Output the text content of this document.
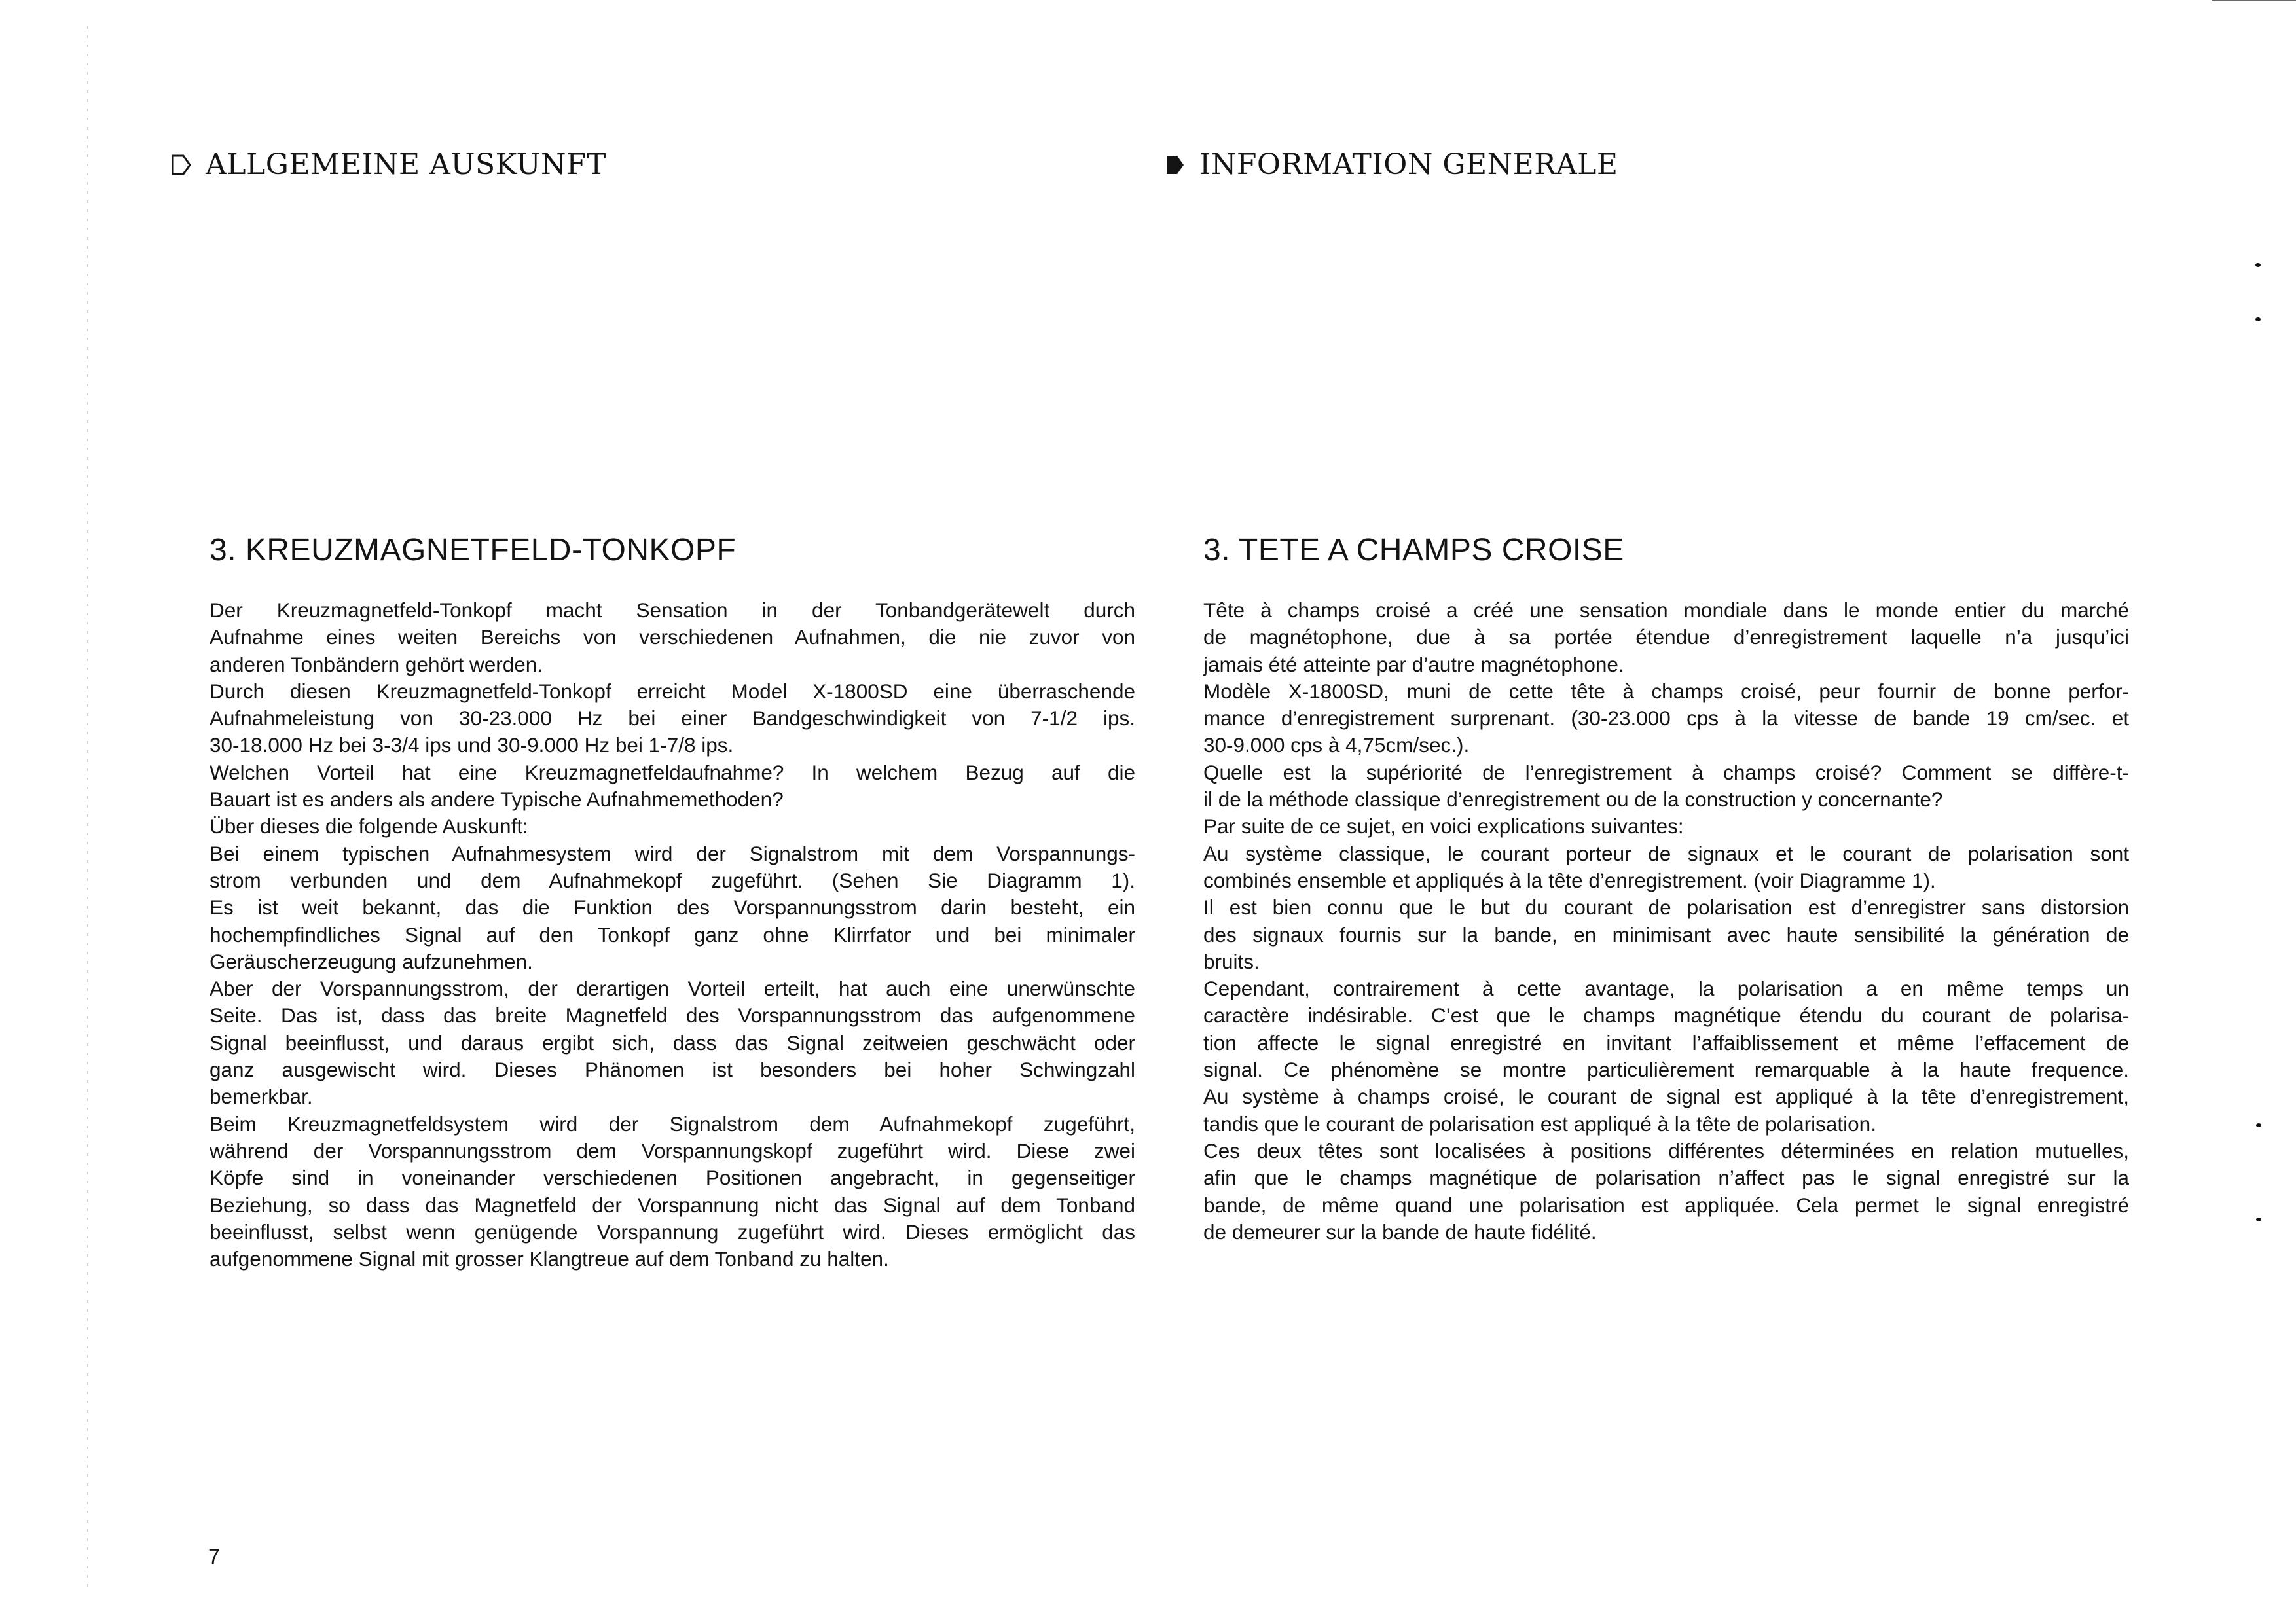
ALLGEMEINE AUSKUNFT	INFORMATION GENERALE
3. KREUZMAGNETFELD-TONKOPF
Der Kreuzmagnetfeld-Tonkopf macht Sensation in der Tonbandgerätewelt durch
Aufnahme eines weiten Bereichs von verschiedenen Aufnahmen, die nie zuvor von
anderen Tonbändern gehört werden.
Durch diesen Kreuzmagnetfeld-Tonkopf erreicht Model X-1800SD eine überraschende
Aufnahmeleistung von 30-23.000 Hz bei einer Bandgeschwindigkeit von 7-1/2 ips.
30-18.000 Hz bei 3-3/4 ips und 30-9.000 Hz bei 1-7/8 ips.
Welchen Vorteil hat eine Kreuzmagnetfeldaufnahme? In welchem Bezug auf die
Bauart ist es anders als andere Typische Aufnahmemethoden?
Über dieses die folgende Auskunft:
Bei einem typischen Aufnahmesystem wird der Signalstrom mit dem Vorspannungs-
strom verbunden und dem Aufnahmekopf zugeführt. (Sehen Sie Diagramm 1).
Es ist weit bekannt, das die Funktion des Vorspannungsstrom darin besteht, ein
hochempfindliches Signal auf den Tonkopf ganz ohne Klirrfator und bei minimaler
Geräuscherzeugung aufzunehmen.
Aber der Vorspannungsstrom, der derartigen Vorteil erteilt, hat auch eine unerwünschte
Seite. Das ist, dass das breite Magnetfeld des Vorspannungsstrom das aufgenommene
Signal beeinflusst, und daraus ergibt sich, dass das Signal zeitweien geschwächt oder
ganz ausgewischt wird. Dieses Phänomen ist besonders bei hoher Schwingzahl
bemerkbar.
Beim Kreuzmagnetfeldsystem wird der Signalstrom dem Aufnahmekopf zugeführt,
während der Vorspannungsstrom dem Vorspannungskopf zugeführt wird. Diese zwei
Köpfe sind in voneinander verschiedenen Positionen angebracht, in gegenseitiger
Beziehung, so dass das Magnetfeld der Vorspannung nicht das Signal auf dem Tonband
beeinflusst, selbst wenn genügende Vorspannung zugeführt wird. Dieses ermöglicht das
aufgenommene Signal mit grosser Klangtreue auf dem Tonband zu halten.
3. TETE A CHAMPS CROISE
Tête à champs croisé a créé une sensation mondiale dans le monde entier du marché
de magnétophone, due à sa portée étendue d’enregistrement laquelle n’a jusqu’ici
jamais été atteinte par d’autre magnétophone.
Modèle X-1800SD, muni de cette tête à champs croisé, peur fournir de bonne perfor-
mance d’enregistrement surprenant. (30-23.000 cps à la vitesse de bande 19 cm/sec. et
30-9.000 cps à 4,75cm/sec.).
Quelle est la supériorité de l’enregistrement à champs croisé? Comment se diffère-t-
il de la méthode classique d’enregistrement ou de la construction y concernante?
Par suite de ce sujet, en voici explications suivantes:
Au système classique, le courant porteur de signaux et le courant de polarisation sont
combinés ensemble et appliqués à la tête d’enregistrement. (voir Diagramme 1).
Il est bien connu que le but du courant de polarisation est d’enregistrer sans distorsion
des signaux fournis sur la bande, en minimisant avec haute sensibilité la génération de
bruits.
Cependant, contrairement à cette avantage, la polarisation a en même temps un
caractère indésirable. C’est que le champs magnétique étendu du courant de polarisa-
tion affecte le signal enregistré en invitant l’affaiblissement et même l’effacement de
signal. Ce phénomène se montre particulièrement remarquable à la haute frequence.
Au système à champs croisé, le courant de signal est appliqué à la tête d’enregistrement,
tandis que le courant de polarisation est appliqué à la tête de polarisation.
Ces deux têtes sont localisées à positions différentes déterminées en relation mutuelles,
afin que le champs magnétique de polarisation n’affect pas le signal enregistré sur la
bande, de même quand une polarisation est appliquée. Cela permet le signal enregistré
de demeurer sur la bande de haute fidélité.
7
